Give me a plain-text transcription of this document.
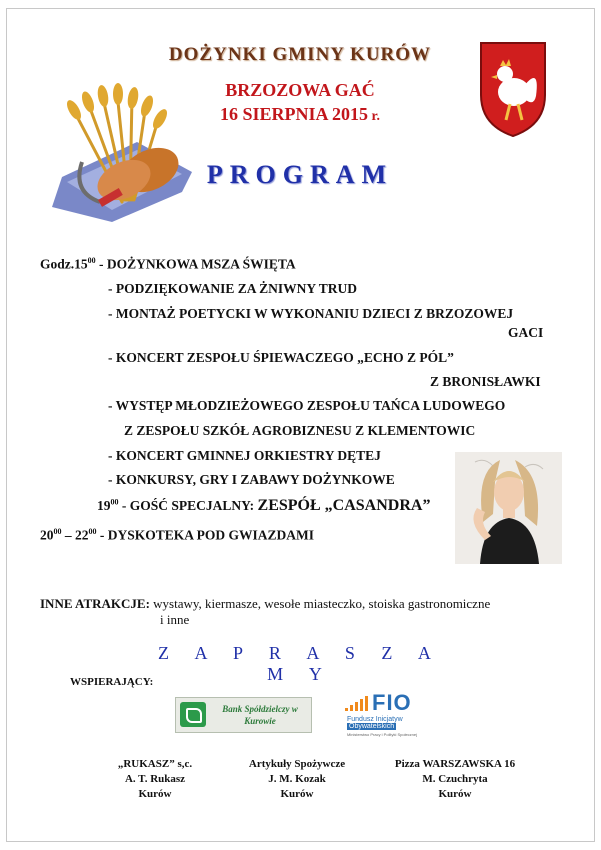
DOŻYNKI GMINY KURÓW
BRZOZOWA GAĆ
16 SIERPNIA 2015 r.
PROGRAM
$Godz.15^{00}$ - DOŻYNKOWA MSZA ŚWIĘTA
- PODZIĘKOWANIE ZA ŻNIWNY TRUD
- MONTAŻ POETYCKI W WYKONANIU DZIECI Z BRZOZOWEJ
GACI
- KONCERT ZESPOŁU ŚPIEWACZEGO „ECHO Z PÓL”
Z BRONISŁAWKI
- WYSTĘP MŁODZIEŻOWEGO ZESPOŁU TAŃCA LUDOWEGO
Z ZESPOŁU SZKÓŁ AGROBIZNESU Z KLEMENTOWIC
- KONCERT GMINNEJ ORKIESTRY DĘTEJ
- KONKURSY, GRY I ZABAWY DOŻYNKOWE
$19^{00}$ - GOŚĆ SPECJALNY: ZESPÓŁ „CASANDRA”
$20^{00} - 22^{00}$ - DYSKOTEKA POD GWIAZDAMI
INNE ATRAKCJE: wystawy, kiermasze, wesołe miasteczko, stoiska gastronomiczne
i inne
Z A P R A S Z A M Y
WSPIERAJĄCY:
Bank Spółdzielczy w Kurowie
FIO
Fundusz Inicjatyw
Obywatelskich
Ministerstwo Pracy i Polityki Społecznej
„RUKASZ” s,c.
A. T. Rukasz
Kurów
Artykuły Spożywcze
J. M. Kozak
Kurów
Pizza WARSZAWSKA 16
M. Czuchryta
Kurów
